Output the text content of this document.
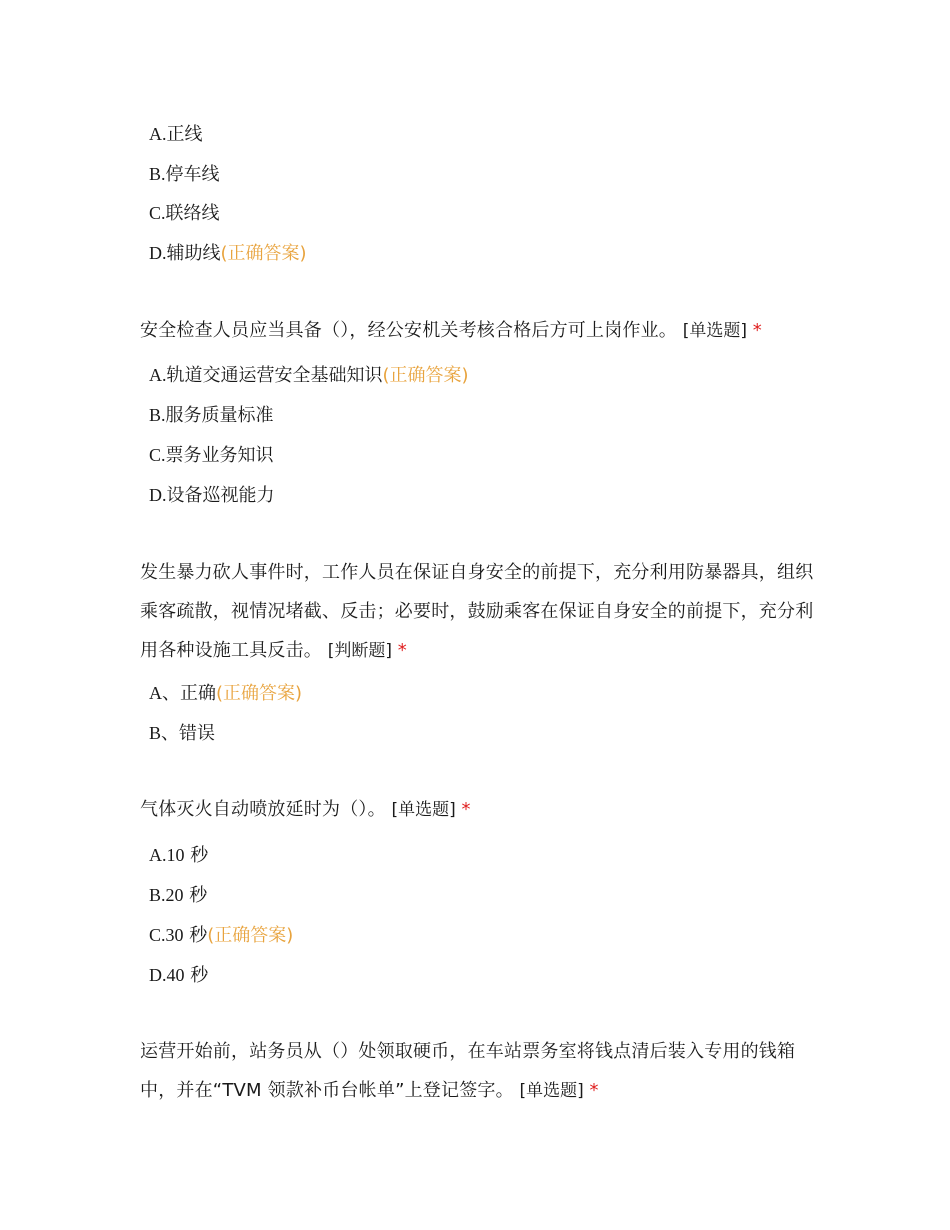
A.正线
B.停车线
C.联络线
D.辅助线(正确答案)
安全检查人员应当具备（），经公安机关考核合格后方可上岗作业。 [单选题] *
A.轨道交通运营安全基础知识(正确答案)
B.服务质量标准
C.票务业务知识
D.设备巡视能力
发生暴力砍人事件时，工作人员在保证自身安全的前提下，充分利用防暴器具，组织乘客疏散，视情况堵截、反击；必要时，鼓励乘客在保证自身安全的前提下，充分利用各种设施工具反击。 [判断题] *
A、正确(正确答案)
B、错误
气体灭火自动喷放延时为（）。 [单选题] *
A.10 秒
B.20 秒
C.30 秒(正确答案)
D.40 秒
运营开始前，站务员从（）处领取硬币，在车站票务室将钱点清后装入专用的钱箱中，并在“TVM 领款补币台帐单”上登记签字。 [单选题] *
